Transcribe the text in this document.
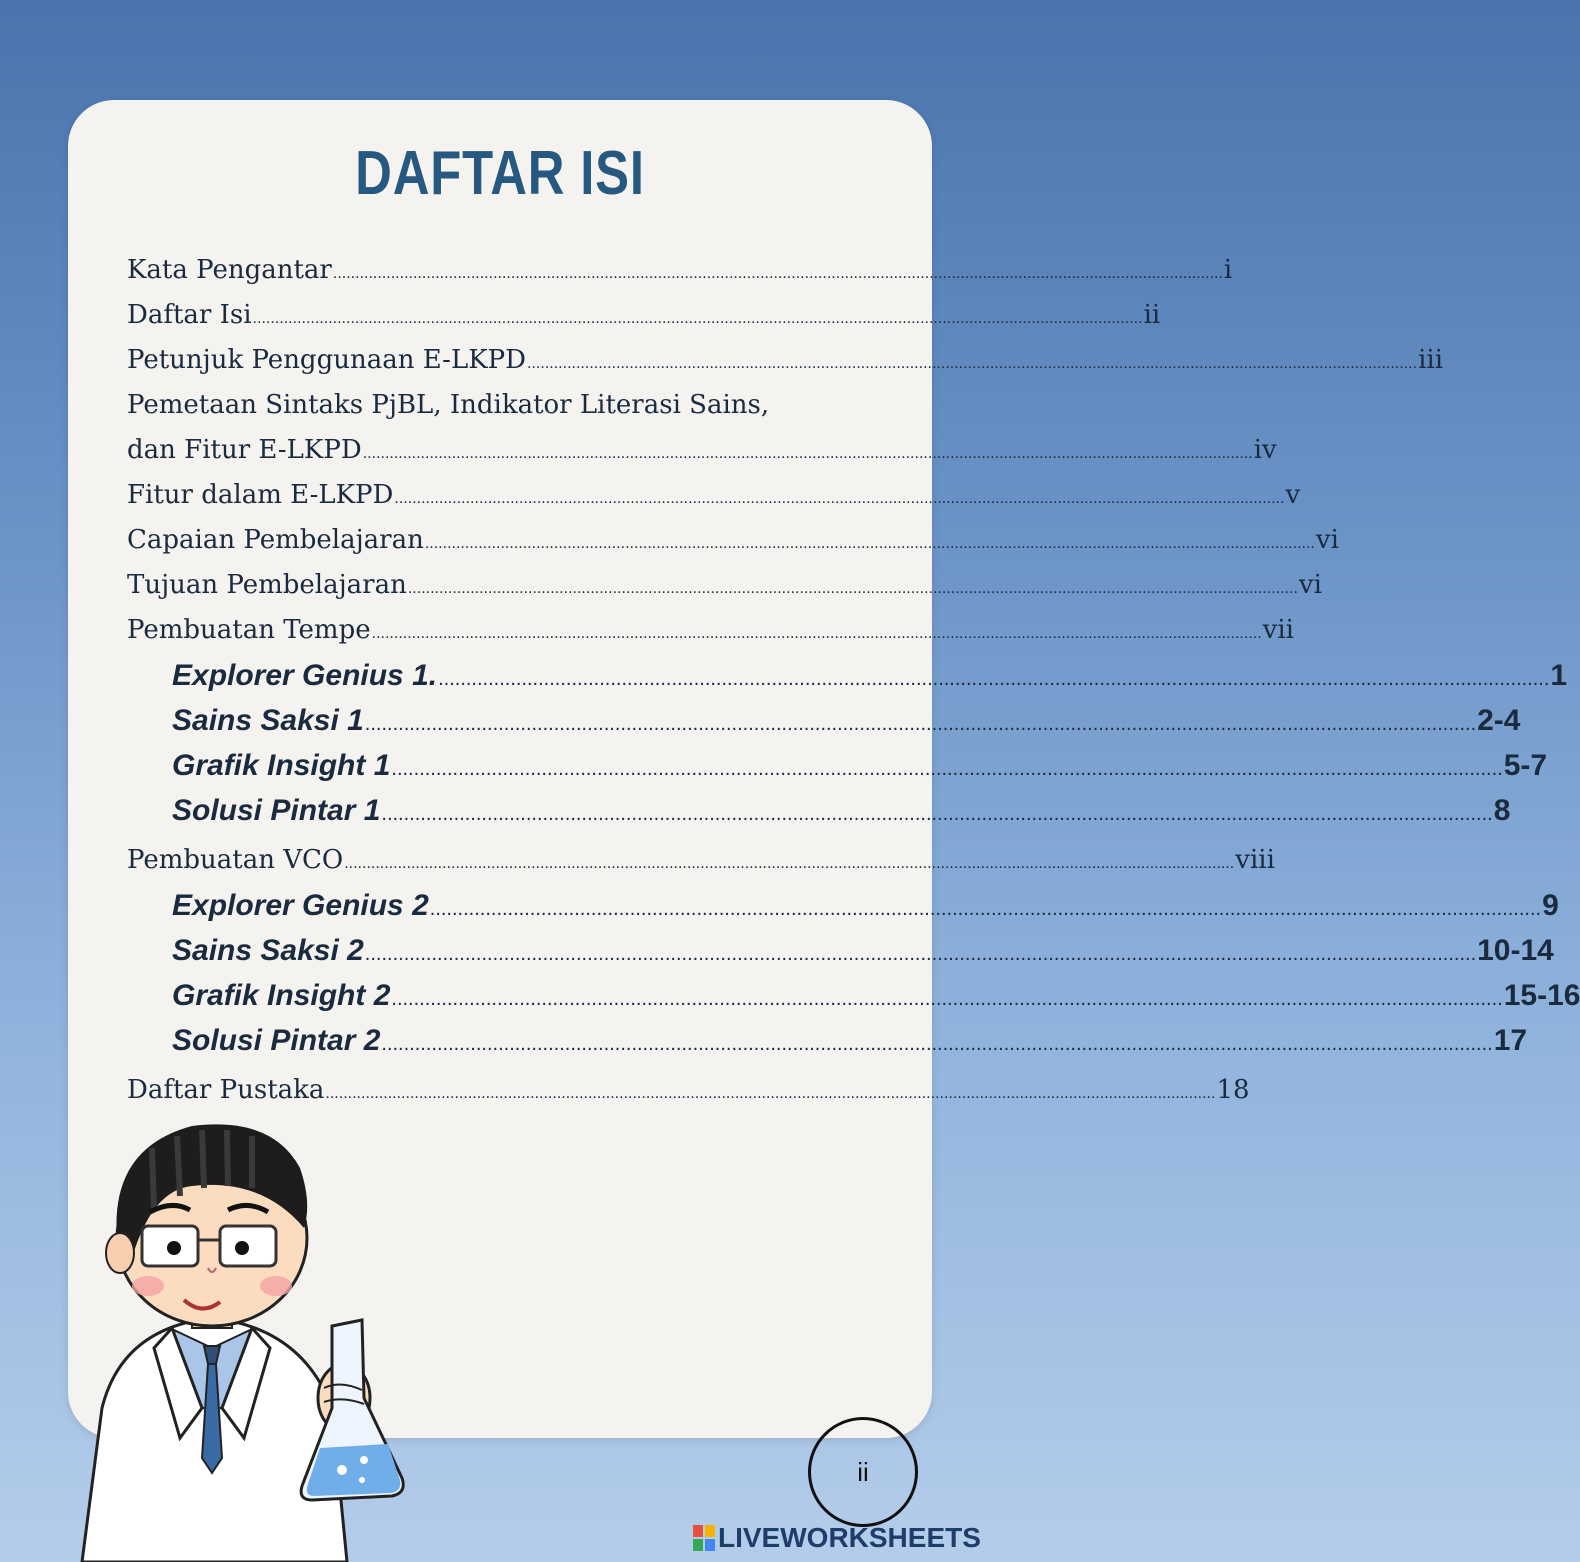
DAFTAR ISI
Kata Pengantar ........................................................................................................................................................................................................ i
Daftar Isi ........................................................................................................................................................................................................ ii
Petunjuk Penggunaan E-LKPD ........................................................................................................................................................................................................ iii
Pemetaan Sintaks PjBL, Indikator Literasi Sains,
dan Fitur E-LKPD ........................................................................................................................................................................................................ iv
Fitur dalam E-LKPD ........................................................................................................................................................................................................ v
Capaian Pembelajaran ........................................................................................................................................................................................................ vi
Tujuan Pembelajaran ........................................................................................................................................................................................................ vi
Pembuatan Tempe ........................................................................................................................................................................................................ vii
Explorer Genius 1. ........................................................................................................................................................................................................ 1
Sains Saksi 1 ........................................................................................................................................................................................................ 2-4
Grafik Insight 1 ........................................................................................................................................................................................................ 5-7
Solusi Pintar 1 ........................................................................................................................................................................................................ 8
Pembuatan VCO ........................................................................................................................................................................................................ viii
Explorer Genius 2 ........................................................................................................................................................................................................ 9
Sains Saksi 2 ........................................................................................................................................................................................................ 10-14
Grafik Insight 2 ........................................................................................................................................................................................................ 15-16
Solusi Pintar 2 ........................................................................................................................................................................................................ 17
Daftar Pustaka ........................................................................................................................................................................................................ 18
ii
LIVEWORKSHEETS
